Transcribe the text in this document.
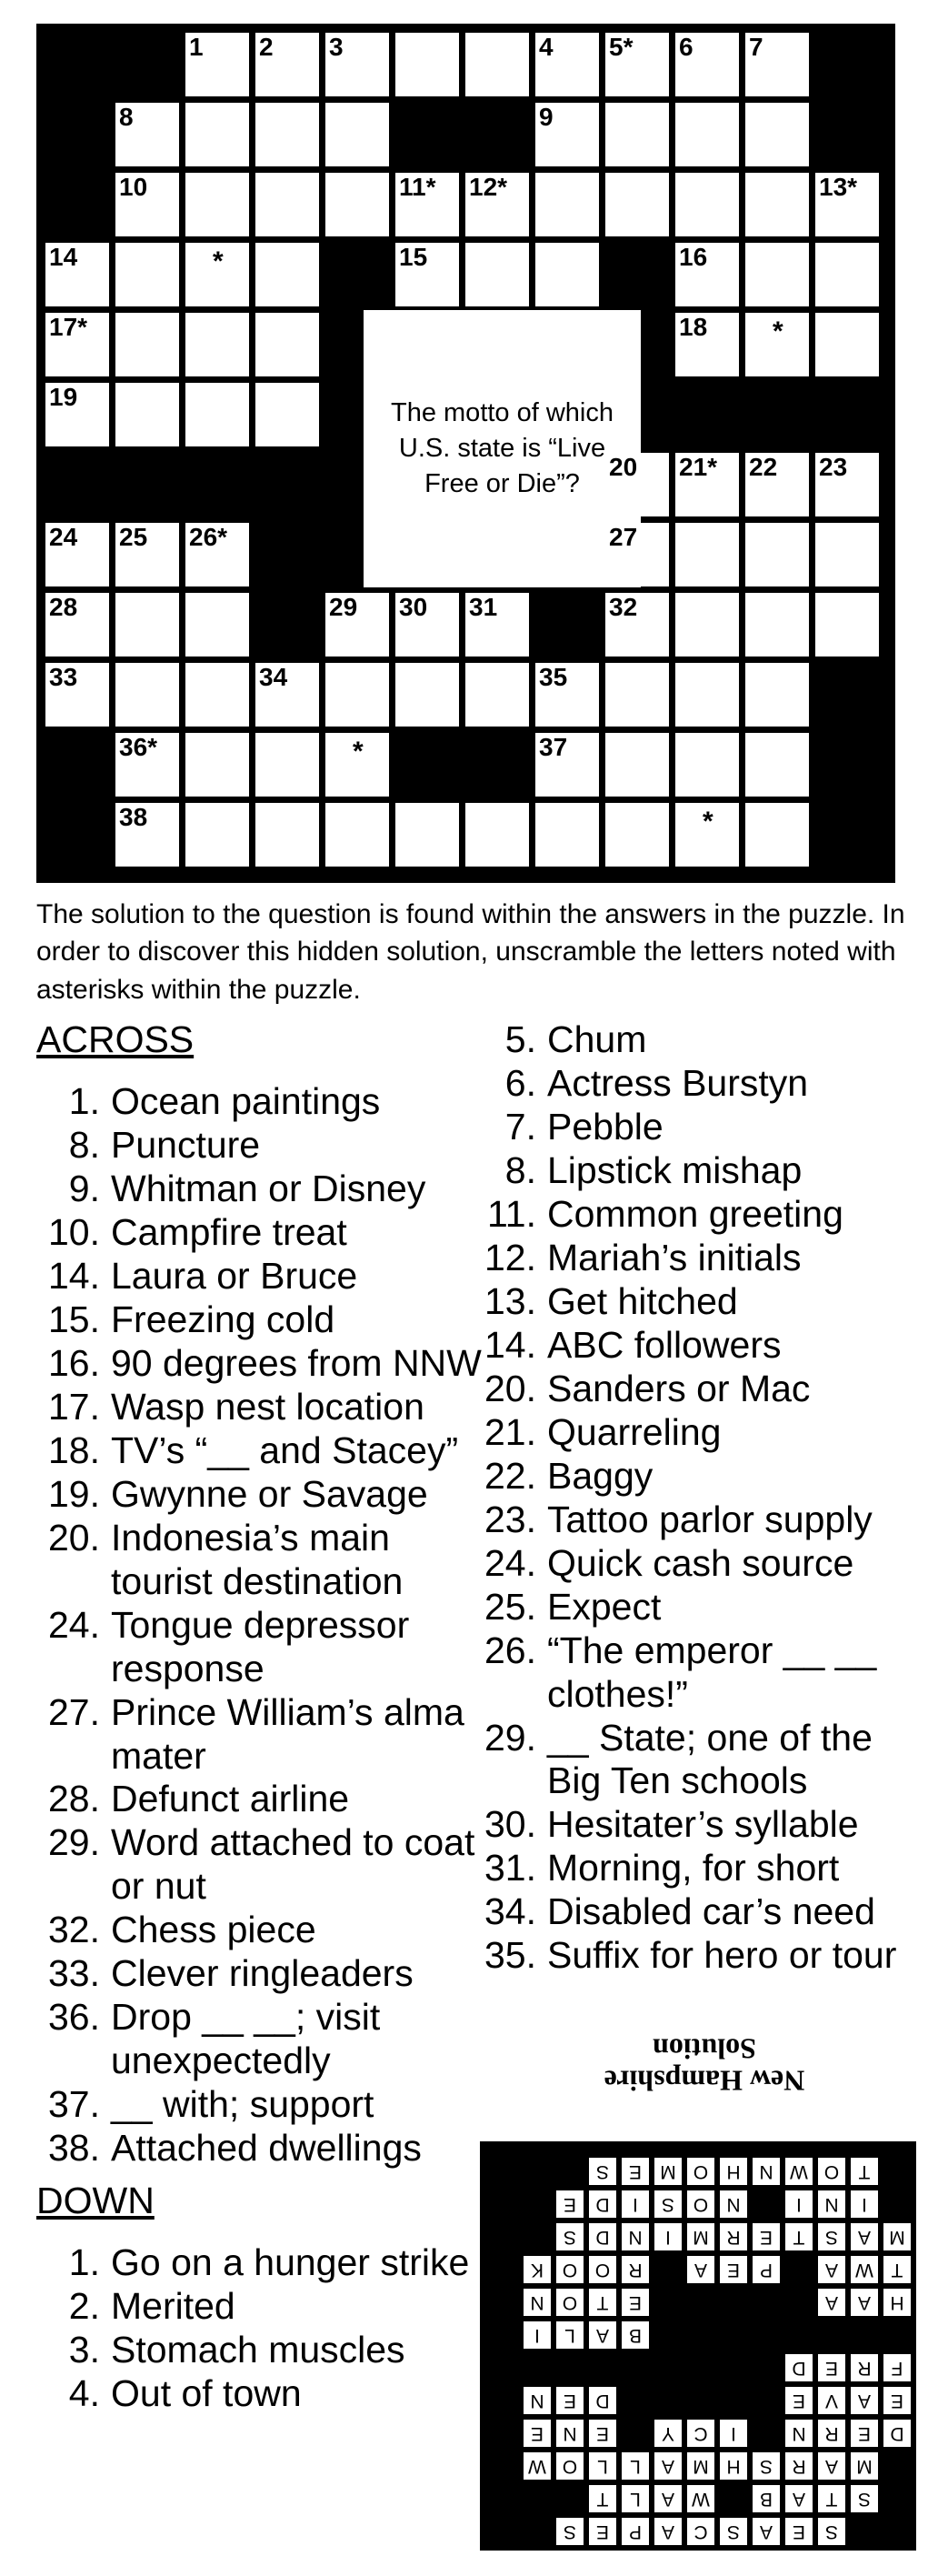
The motto of which U.S. state is “Live Free or Die”?
1 2 3	4 5* 6 7
8	9
10	11* 12*	13*
14	*	15	16
17*	18 *
19
20 21* 22 23
24 25 26*	27
28	29 30 31	32
33	34	35
36*	*	37
38	*
The solution to the question is found within the answers in the puzzle. In order to discover this hidden solution, unscramble the letters noted with asterisks within the puzzle.
ACROSS
1. Ocean paintings
8. Puncture
9. Whitman or Disney
10. Campfire treat
14. Laura or Bruce
15. Freezing cold
16. 90 degrees from NNW
17. Wasp nest location
18. TV’s “__ and Stacey”
19. Gwynne or Savage
20. Indonesia’s main tourist destination
24. Tongue depressor response
27. Prince William’s alma mater
28. Defunct airline
29. Word attached to coat or nut
32. Chess piece
33. Clever ringleaders
36. Drop __ __; visit unexpectedly
37. __ with; support
38. Attached dwellings
DOWN
1. Go on a hunger strike
2. Merited
3. Stomach muscles
4. Out of town
5. Chum
6. Actress Burstyn
7. Pebble
8. Lipstick mishap
11. Common greeting
12. Mariah’s initials
13. Get hitched
14. ABC followers
20. Sanders or Mac
21. Quarreling
22. Baggy
23. Tattoo parlor supply
24. Quick cash source
25. Expect
26. “The emperor __ __ clothes!”
29. __ State; one of the Big Ten schools
30. Hesitater’s syllable
31. Morning, for short
34. Disabled car’s need
35. Suffix for hero or tour
New Hampshire
Solution
S
E
A
S
C
A
P
E
S
S
T
A
B
W
A
L
T
M
A
R
S
H
M
A
L
L
O
W
D
E
R
N
I
C
Y
E
N
E
E
A
V
E
D
E
N
F
R
E
D
B
A
L
I
H
A
A
E
T
O
N
T
W
A
P
E
A
R
O
O
K
M
A
S
T
E
R
M
I
N
D
S
I
N
I
N
O
S
I
D
E
T
O
W
N
H
O
M
E
S
